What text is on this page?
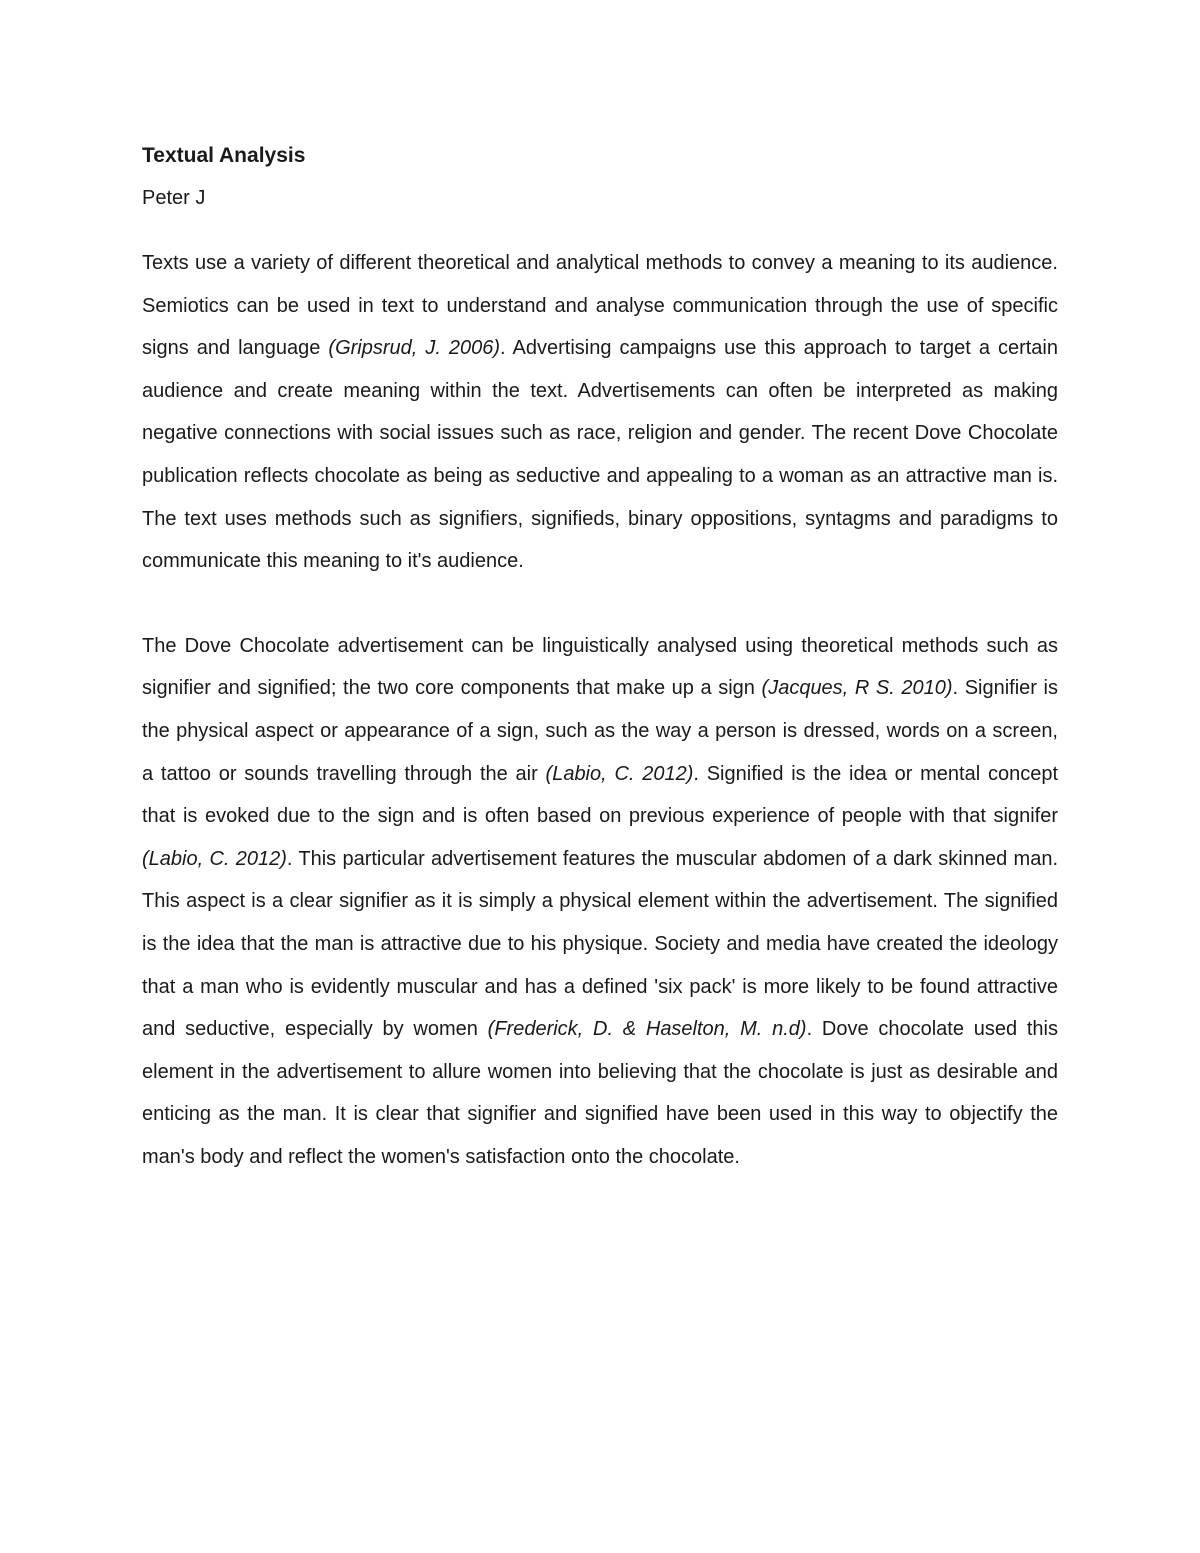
Textual Analysis

Peter J

Texts use a variety of different theoretical and analytical methods to convey a meaning to its audience. Semiotics can be used in text to understand and analyse communication through the use of specific signs and language (Gripsrud, J. 2006). Advertising campaigns use this approach to target a certain audience and create meaning within the text. Advertisements can often be interpreted as making negative connections with social issues such as race, religion and gender. The recent Dove Chocolate publication reflects chocolate as being as seductive and appealing to a woman as an attractive man is. The text uses methods such as signifiers, signifieds, binary oppositions, syntagms and paradigms to communicate this meaning to it's audience.

The Dove Chocolate advertisement can be linguistically analysed using theoretical methods such as signifier and signified; the two core components that make up a sign (Jacques, R S. 2010). Signifier is the physical aspect or appearance of a sign, such as the way a person is dressed, words on a screen, a tattoo or sounds travelling through the air (Labio, C. 2012). Signified is the idea or mental concept that is evoked due to the sign and is often based on previous experience of people with that signifer (Labio, C. 2012). This particular advertisement features the muscular abdomen of a dark skinned man. This aspect is a clear signifier as it is simply a physical element within the advertisement. The signified is the idea that the man is attractive due to his physique. Society and media have created the ideology that a man who is evidently muscular and has a defined 'six pack' is more likely to be found attractive and seductive, especially by women (Frederick, D. & Haselton, M. n.d). Dove chocolate used this element in the advertisement to allure women into believing that the chocolate is just as desirable and enticing as the man. It is clear that signifier and signified have been used in this way to objectify the man's body and reflect the women's satisfaction onto the chocolate.
